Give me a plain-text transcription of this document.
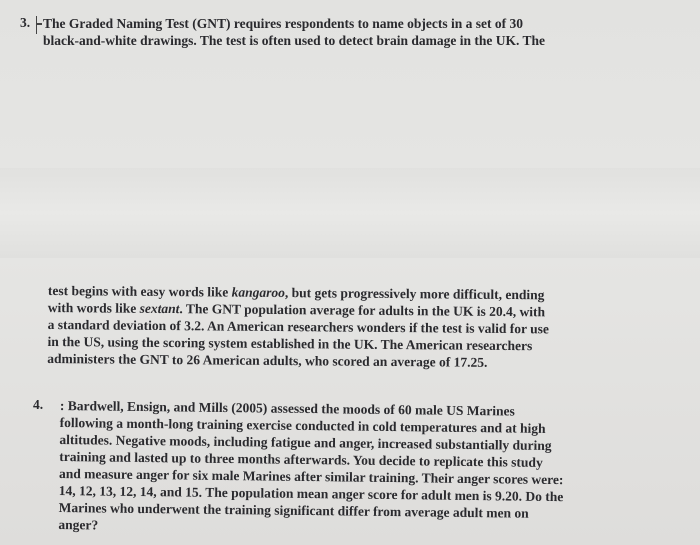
3. The Graded Naming Test (GNT) requires respondents to name objects in a set of 30
black-and-white drawings. The test is often used to detect brain damage in the UK. The

test begins with easy words like kangaroo, but gets progressively more difficult, ending
with words like sextant. The GNT population average for adults in the UK is 20.4, with
a standard deviation of 3.2. An American researchers wonders if the test is valid for use
in the US, using the scoring system established in the UK. The American researchers
administers the GNT to 26 American adults, who scored an average of 17.25.

4. : Bardwell, Ensign, and Mills (2005) assessed the moods of 60 male US Marines
following a month-long training exercise conducted in cold temperatures and at high
altitudes. Negative moods, including fatigue and anger, increased substantially during
training and lasted up to three months afterwards. You decide to replicate this study
and measure anger for six male Marines after similar training. Their anger scores were:
14, 12, 13, 12, 14, and 15. The population mean anger score for adult men is 9.20. Do the
Marines who underwent the training significant differ from average adult men on
anger?
